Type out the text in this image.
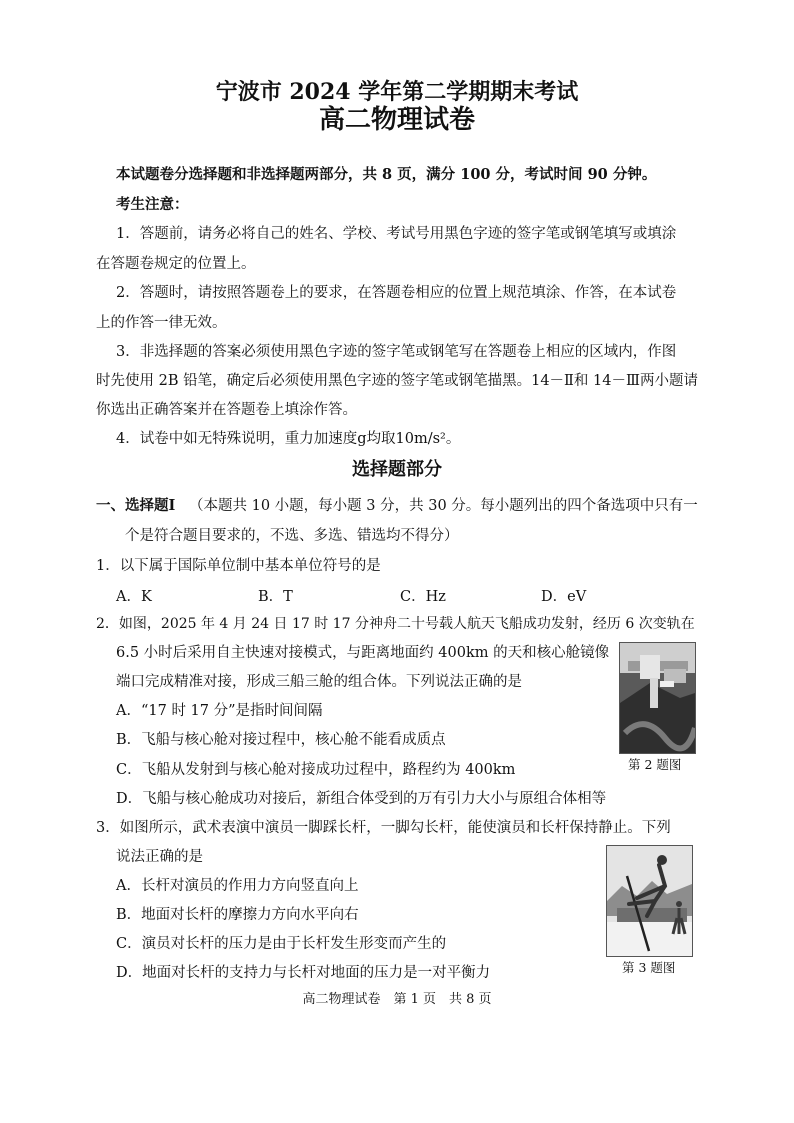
宁波市 2024 学年第二学期期末考试
高二物理试卷
本试题卷分选择题和非选择题两部分，共 8 页，满分 100 分，考试时间 90 分钟。
考生注意：
1．答题前，请务必将自己的姓名、学校、考试号用黑色字迹的签字笔或钢笔填写或填涂
在答题卷规定的位置上。
2．答题时，请按照答题卷上的要求，在答题卷相应的位置上规范填涂、作答，在本试卷
上的作答一律无效。
3．非选择题的答案必须使用黑色字迹的签字笔或钢笔写在答题卷上相应的区域内，作图
时先使用 2B 铅笔，确定后必须使用黑色字迹的签字笔或钢笔描黑。14－Ⅱ和 14－Ⅲ两小题请
你选出正确答案并在答题卷上填涂作答。
4．试卷中如无特殊说明，重力加速度g均取10m/s²。
选择题部分
一、选择题Ⅰ （本题共 10 小题，每小题 3 分，共 30 分。每小题列出的四个备选项中只有一
个是符合题目要求的，不选、多选、错选均不得分）
1．以下属于国际单位制中基本单位符号的是
A．K	B．T	C．Hz	D．eV
2．如图，2025 年 4 月 24 日 17 时 17 分神舟二十号载人航天飞船成功发射，经历 6 次变轨在
6.5 小时后采用自主快速对接模式，与距离地面约 400km 的天和核心舱镜像
端口完成精准对接，形成三船三舱的组合体。下列说法正确的是
A．“17 时 17 分”是指时间间隔
B．飞船与核心舱对接过程中，核心舱不能看成质点
C．飞船从发射到与核心舱对接成功过程中，路程约为 400km
D．飞船与核心舱成功对接后，新组合体受到的万有引力大小与原组合体相等
第 2 题图
3．如图所示，武术表演中演员一脚踩长杆，一脚勾长杆，能使演员和长杆保持静止。下列
说法正确的是
A．长杆对演员的作用力方向竖直向上
B．地面对长杆的摩擦力方向水平向右
C．演员对长杆的压力是由于长杆发生形变而产生的
D．地面对长杆的支持力与长杆对地面的压力是一对平衡力	第 3 题图
高二物理试卷　第 1 页　共 8 页
